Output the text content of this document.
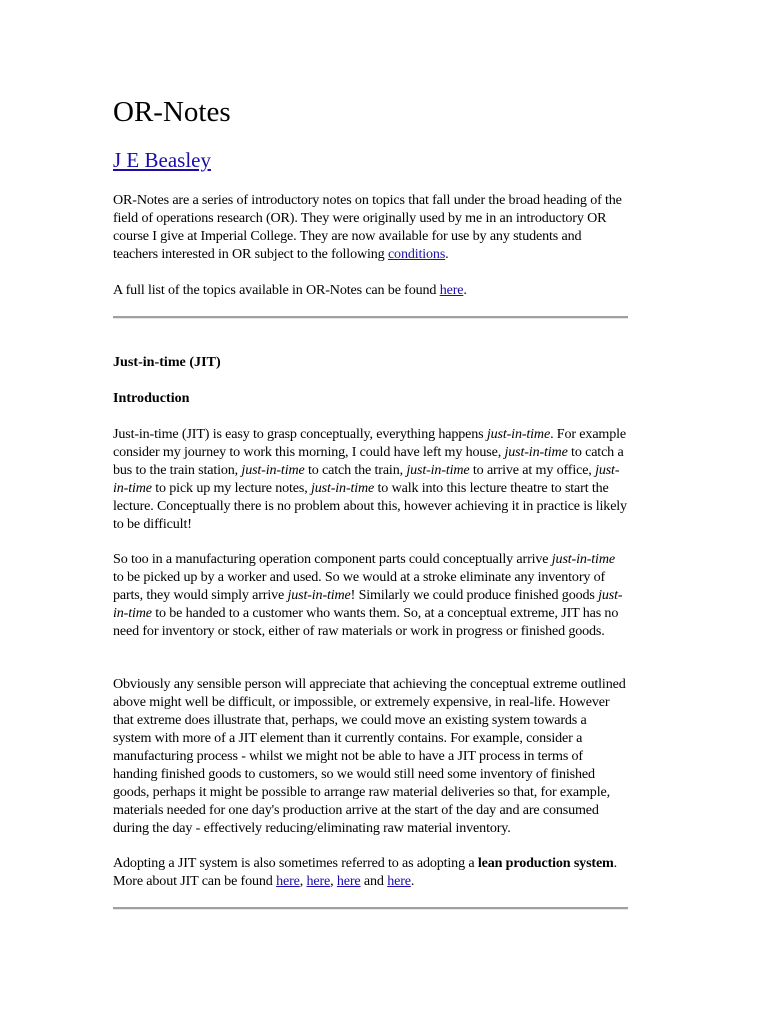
OR-Notes
J E Beasley

OR-Notes are a series of introductory notes on topics that fall under the broad heading of the field of operations research (OR). They were originally used by me in an introductory OR course I give at Imperial College. They are now available for use by any students and teachers interested in OR subject to the following conditions.

A full list of the topics available in OR-Notes can be found here.

Just-in-time (JIT)

Introduction

Just-in-time (JIT) is easy to grasp conceptually, everything happens just-in-time. For example consider my journey to work this morning, I could have left my house, just-in-time to catch a bus to the train station, just-in-time to catch the train, just-in-time to arrive at my office, just-in-time to pick up my lecture notes, just-in-time to walk into this lecture theatre to start the lecture. Conceptually there is no problem about this, however achieving it in practice is likely to be difficult!

So too in a manufacturing operation component parts could conceptually arrive just-in-time to be picked up by a worker and used. So we would at a stroke eliminate any inventory of parts, they would simply arrive just-in-time! Similarly we could produce finished goods just-in-time to be handed to a customer who wants them. So, at a conceptual extreme, JIT has no need for inventory or stock, either of raw materials or work in progress or finished goods.

Obviously any sensible person will appreciate that achieving the conceptual extreme outlined above might well be difficult, or impossible, or extremely expensive, in real-life. However that extreme does illustrate that, perhaps, we could move an existing system towards a system with more of a JIT element than it currently contains. For example, consider a manufacturing process - whilst we might not be able to have a JIT process in terms of handing finished goods to customers, so we would still need some inventory of finished goods, perhaps it might be possible to arrange raw material deliveries so that, for example, materials needed for one day's production arrive at the start of the day and are consumed during the day - effectively reducing/eliminating raw material inventory.

Adopting a JIT system is also sometimes referred to as adopting a lean production system. More about JIT can be found here, here, here and here.
